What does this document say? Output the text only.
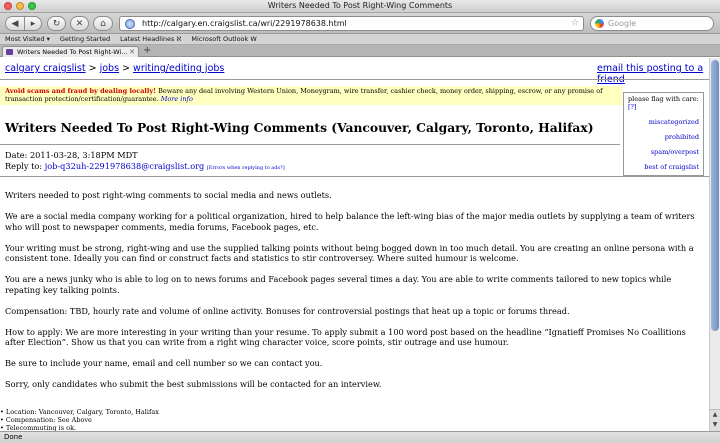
Writers Needed To Post Right-Wing Comments
◀ ▸ ↻ ✕ ⌂	http://calgary.en.craigslist.ca/wri/2291978638.html	☆	Google
Most Visited ▾ Getting Started Latest Headlines ℵ Microsoft Outlook W
Writers Needed To Post Right-Wi... ✕ +
calgary craigslist > jobs > writing/editing jobs	email this posting to a friend
Avoid scams and fraud by dealing locally! Beware any deal involving Western Union, Moneygram, wire transfer, cashier check, money order, shipping, escrow, or any promise of transaction protection/certification/guarantee. More info	please flag with care: [?]
miscategorized
prohibited
spam/overpost
best of craigslist
Writers Needed To Post Right-Wing Comments (Vancouver, Calgary, Toronto, Halifax)
Date: 2011-03-28, 3:18PM MDT
Reply to: job-q32uh-2291978638@craigslist.org [Errors when replying to ads?]

Writers needed to post right-wing comments to social media and news outlets.

We are a social media company working for a political organization, hired to help balance the left-wing bias of the major media outlets by supplying a team of writers who will post to newspaper comments, media forums, Facebook pages, etc.

Your writing must be strong, right-wing and use the supplied talking points without being bogged down in too much detail. You are creating an online persona with a consistent tone. Ideally you can find or construct facts and statistics to stir controversey. Where suited humour is welcome.

You are a news junky who is able to log on to news forums and Facebook pages several times a day. You are able to write comments tailored to new topics while repating key talking points.

Compensation: TBD, hourly rate and volume of online activity. Bonuses for controversial postings that heat up a topic or forums thread.

How to apply: We are more interesting in your writing than your resume. To apply submit a 100 word post based on the headline “Ignatieff Promises No Coallitions after Election”. Show us that you can write from a right wing character voice, score points, stir outrage and use humour.

Be sure to include your name, email and cell number so we can contact you.

Sorry, only candidates who submit the best submissions will be contacted for an interview.

• Location: Vancouver, Calgary, Toronto, Halifax
• Compensation: See Above
• Telecommuting is ok.
▲
▼
Done
